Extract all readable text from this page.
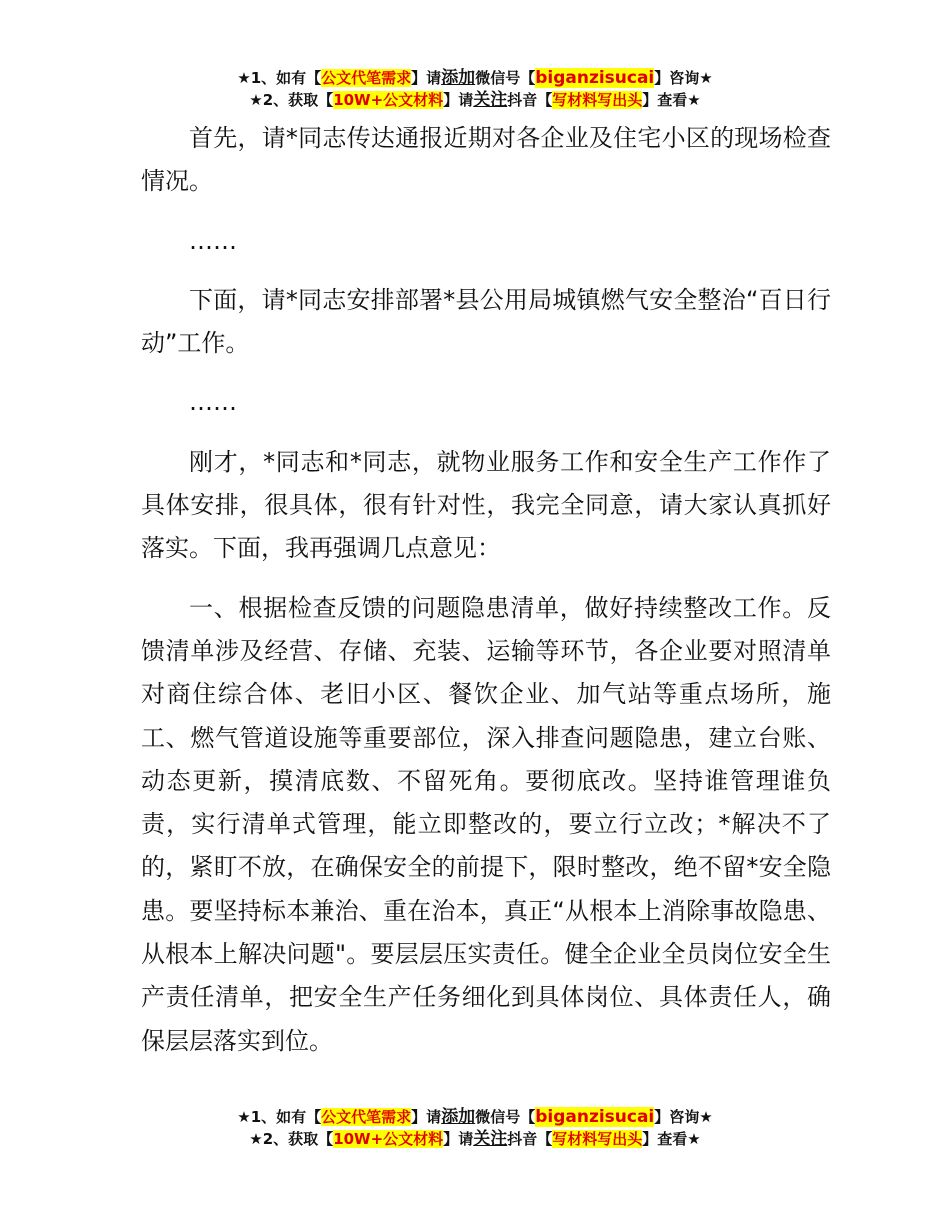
★1、如有【公文代笔需求】请添加微信号【biganzisucai】咨询★
★2、获取【10W+公文材料】请关注抖音【写材料写出头】查看★

首先，请*同志传达通报近期对各企业及住宅小区的现场检查情况。

……

下面，请*同志安排部署*县公用局城镇燃气安全整治“百日行动”工作。

……

刚才，*同志和*同志，就物业服务工作和安全生产工作作了具体安排，很具体，很有针对性，我完全同意，请大家认真抓好落实。下面，我再强调几点意见：

一、根据检查反馈的问题隐患清单，做好持续整改工作。反馈清单涉及经营、存储、充装、运输等环节，各企业要对照清单对商住综合体、老旧小区、餐饮企业、加气站等重点场所，施工、燃气管道设施等重要部位，深入排查问题隐患，建立台账、动态更新，摸清底数、不留死角。要彻底改。坚持谁管理谁负责，实行清单式管理，能立即整改的，要立行立改；*解决不了的，紧盯不放，在确保安全的前提下，限时整改，绝不留*安全隐患。要坚持标本兼治、重在治本，真正“从根本上消除事故隐患、从根本上解决问题"。要层层压实责任。健全企业全员岗位安全生产责任清单，把安全生产任务细化到具体岗位、具体责任人，确保层层落实到位。

★1、如有【公文代笔需求】请添加微信号【biganzisucai】咨询★
★2、获取【10W+公文材料】请关注抖音【写材料写出头】查看★
